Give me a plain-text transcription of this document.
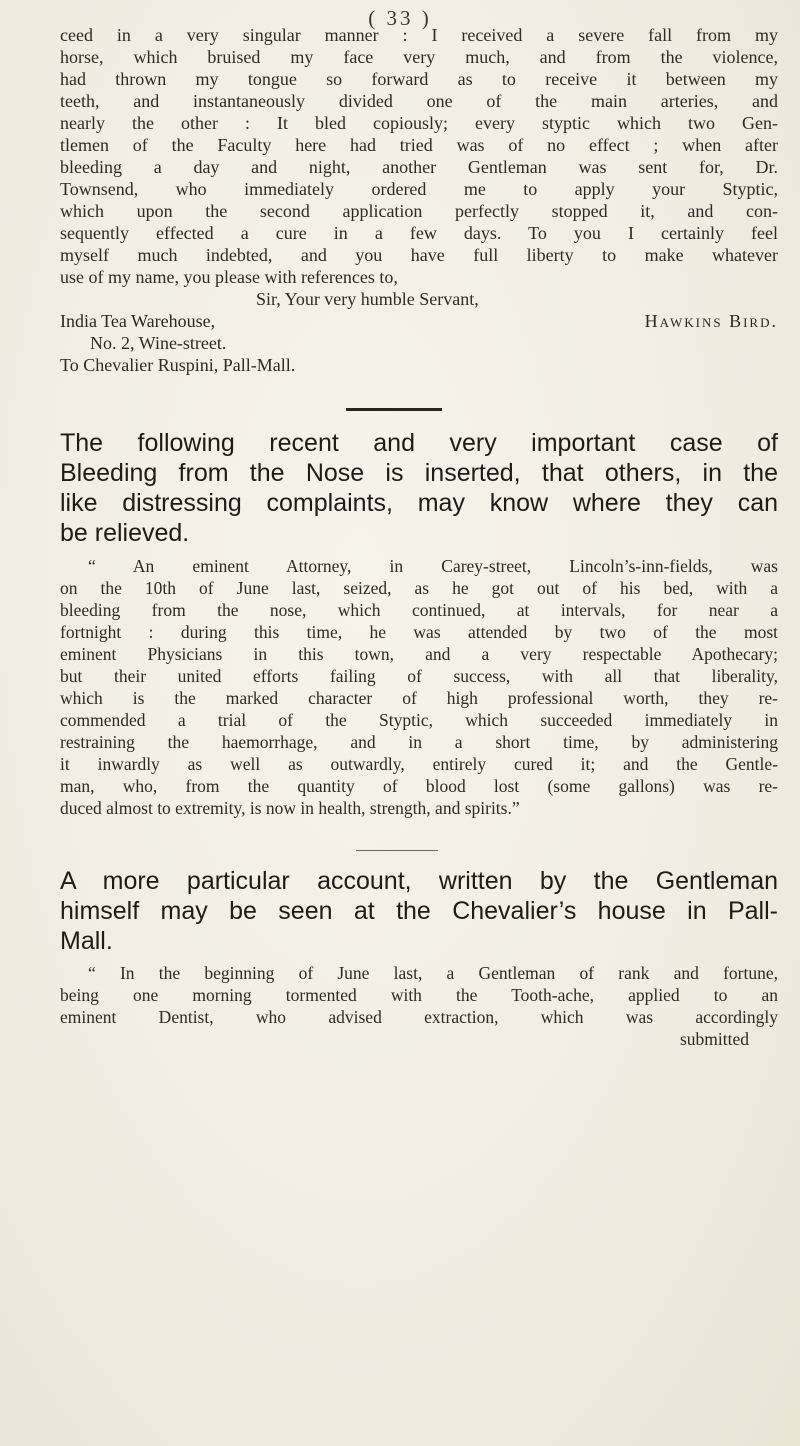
( 33 )
ceed in a very singular manner : I received a severe fall from my
horse, which bruised my face very much, and from the violence,
had thrown my tongue so forward as to receive it between my
teeth, and instantaneously divided one of the main arteries, and
nearly the other : It bled copiously; every styptic which two Gen-
tlemen of the Faculty here had tried was of no effect ; when after
bleeding a day and night, another Gentleman was sent for, Dr.
Townsend, who immediately ordered me to apply your Styptic,
which upon the second application perfectly stopped it, and con-
sequently effected a cure in a few days. To you I certainly feel
myself much indebted, and you have full liberty to make whatever
use of my name, you please with references to,
Sir, Your very humble Servant,
India Tea Warehouse,	Hawkins Bird.
No. 2, Wine-street.
To Chevalier Ruspini, Pall-Mall.
The following recent and very important case of
Bleeding from the Nose is inserted, that others, in the
like distressing complaints, may know where they can
be relieved.
“ An eminent Attorney, in Carey-street, Lincoln’s-inn-fields, was
on the 10th of June last, seized, as he got out of his bed, with a
bleeding from the nose, which continued, at intervals, for near a
fortnight : during this time, he was attended by two of the most
eminent Physicians in this town, and a very respectable Apothecary;
but their united efforts failing of success, with all that liberality,
which is the marked character of high professional worth, they re-
commended a trial of the Styptic, which succeeded immediately in
restraining the haemorrhage, and in a short time, by administering
it inwardly as well as outwardly, entirely cured it; and the Gentle-
man, who, from the quantity of blood lost (some gallons) was re-
duced almost to extremity, is now in health, strength, and spirits.”
A more particular account, written by the Gentleman
himself may be seen at the Chevalier’s house in Pall-
Mall.
“ In the beginning of June last, a Gentleman of rank and fortune,
being one morning tormented with the Tooth-ache, applied to an
eminent Dentist, who advised extraction, which was accordingly
submitted
